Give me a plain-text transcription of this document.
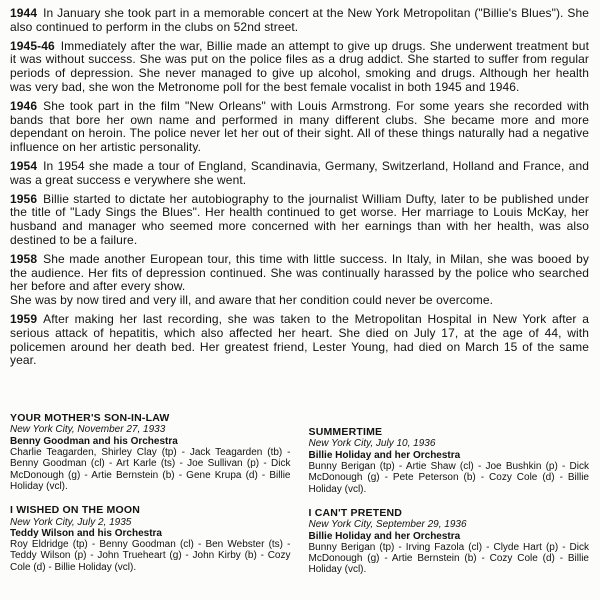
1944 In January she took part in a memorable concert at the New York Metropolitan ("Billie's Blues"). She also continued to perform in the clubs on 52nd street.

1945-46 Immediately after the war, Billie made an attempt to give up drugs. She underwent treatment but it was without success. She was put on the police files as a drug addict. She started to suffer from regular periods of depression. She never managed to give up alcohol, smoking and drugs. Although her health was very bad, she won the Metronome poll for the best female vocalist in both 1945 and 1946.

1946 She took part in the film "New Orleans" with Louis Armstrong. For some years she recorded with bands that bore her own name and performed in many different clubs. She became more and more dependant on heroin. The police never let her out of their sight. All of these things naturally had a negative influence on her artistic personality.

1954 In 1954 she made a tour of England, Scandinavia, Germany, Switzerland, Holland and France, and was a great success e verywhere she went.

1956 Billie started to dictate her autobiography to the journalist William Dufty, later to be published under the title of "Lady Sings the Blues". Her health continued to get worse. Her marriage to Louis McKay, her husband and manager who seemed more concerned with her earnings than with her health, was also destined to be a failure.

1958 She made another European tour, this time with little success. In Italy, in Milan, she was booed by the audience. Her fits of depression continued. She was continually harassed by the police who searched her before and after every show.
She was by now tired and very ill, and aware that her condition could never be overcome.

1959 After making her last recording, she was taken to the Metropolitan Hospital in New York after a serious attack of hepatitis, which also affected her heart. She died on July 17, at the age of 44, with policemen around her death bed. Her greatest friend, Lester Young, had died on March 15 of the same year.

YOUR MOTHER'S SON-IN-LAW
New York City, November 27, 1933
Benny Goodman and his Orchestra
Charlie Teagarden, Shirley Clay (tp) - Jack Teagarden (tb) - Benny Goodman (cl) - Art Karle (ts) - Joe Sullivan (p) - Dick McDonough (g) - Artie Bernstein (b) - Gene Krupa (d) - Billie Holiday (vcl).
I WISHED ON THE MOON
New York City, July 2, 1935
Teddy Wilson and his Orchestra
Roy Eldridge (tp) - Benny Goodman (cl) - Ben Webster (ts) - Teddy Wilson (p) - John Trueheart (g) - John Kirby (b) - Cozy Cole (d) - Billie Holiday (vcl).
SUMMERTIME
New York City, July 10, 1936
Billie Holiday and her Orchestra
Bunny Berigan (tp) - Artie Shaw (cl) - Joe Bushkin (p) - Dick McDonough (g) - Pete Peterson (b) - Cozy Cole (d) - Billie Holiday (vcl).
I CAN'T PRETEND
New York City, September 29, 1936
Billie Holiday and her Orchestra
Bunny Berigan (tp) - Irving Fazola (cl) - Clyde Hart (p) - Dick McDonough (g) - Artie Bernstein (b) - Cozy Cole (d) - Billie Holiday (vcl).
